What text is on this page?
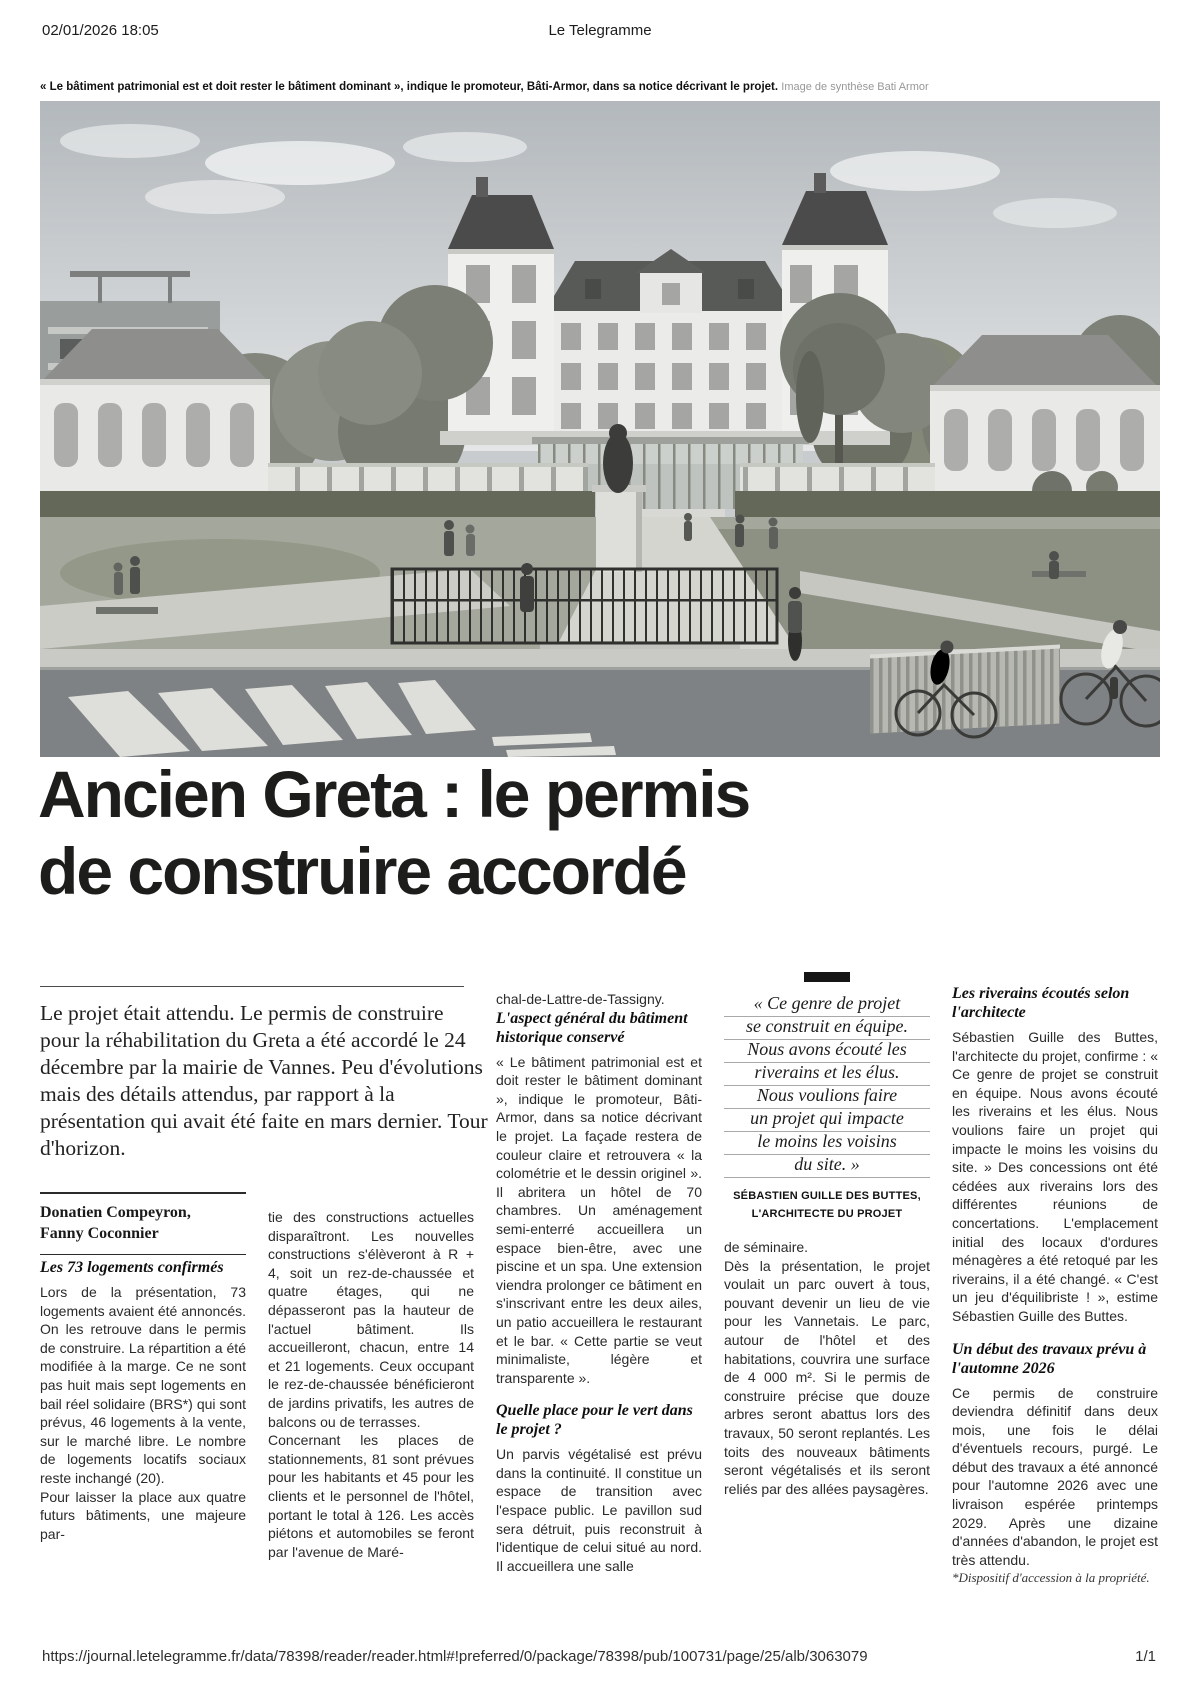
02/01/2026 18:05	Le Telegramme
« Le bâtiment patrimonial est et doit rester le bâtiment dominant », indique le promoteur, Bâti-Armor, dans sa notice décrivant le projet. Image de synthèse Bati Armor
Ancien Greta : le permis
de construire accordé
Le projet était attendu. Le permis de construire pour la réhabilitation du Greta a été accordé le 24 décembre par la mairie de Vannes. Peu d'évolutions mais des détails attendus, par rapport à la présentation qui avait été faite en mars dernier. Tour d'horizon.
Donatien Compeyron,
Fanny Coconnier
Les 73 logements confirmés

Lors de la présentation, 73 logements avaient été annoncés. On les retrouve dans le permis de construire. La répartition a été modifiée à la marge. Ce ne sont pas huit mais sept logements en bail réel solidaire (BRS*) qui sont prévus, 46 logements à la vente, sur le marché libre. Le nombre de logements locatifs sociaux reste inchangé (20).

Pour laisser la place aux quatre futurs bâtiments, une majeure par-

tie des constructions actuelles disparaîtront. Les nouvelles constructions s'élèveront à R + 4, soit un rez-de-chaussée et quatre étages, qui ne dépasseront pas la hauteur de l'actuel bâtiment. Ils accueilleront, chacun, entre 14 et 21 logements. Ceux occupant le rez-de-chaussée bénéficieront de jardins privatifs, les autres de balcons ou de terrasses.

Concernant les places de stationnements, 81 sont prévues pour les habitants et 45 pour les clients et le personnel de l'hôtel, portant le total à 126. Les accès piétons et automobiles se feront par l'avenue de Maré-

chal-de-Lattre-de-Tassigny.

L'aspect général du bâtiment historique conservé

« Le bâtiment patrimonial est et doit rester le bâtiment dominant », indique le promoteur, Bâti-Armor, dans sa notice décrivant le projet. La façade restera de couleur claire et retrouvera « la colométrie et le dessin originel ». Il abritera un hôtel de 70 chambres. Un aménagement semi-enterré accueillera un espace bien-être, avec une piscine et un spa. Une extension viendra prolonger ce bâtiment en s'inscrivant entre les deux ailes, un patio accueillera le restaurant et le bar. « Cette partie se veut minimaliste, légère et transparente ».

Quelle place pour le vert dans le projet ?

Un parvis végétalisé est prévu dans la continuité. Il constitue un espace de transition avec l'espace public. Le pavillon sud sera détruit, puis reconstruit à l'identique de celui situé au nord. Il accueillera une salle

« Ce genre de projet
se construit en équipe.
Nous avons écouté les
riverains et les élus.
Nous voulions faire
un projet qui impacte
le moins les voisins
du site. »
SÉBASTIEN GUILLE DES BUTTES,
L'ARCHITECTE DU PROJET

de séminaire.

Dès la présentation, le projet voulait un parc ouvert à tous, pouvant devenir un lieu de vie pour les Vannetais. Le parc, autour de l'hôtel et des habitations, couvrira une surface de 4 000 m². Si le permis de construire précise que douze arbres seront abattus lors des travaux, 50 seront replantés. Les toits des nouveaux bâtiments seront végétalisés et ils seront reliés par des allées paysagères.

Les riverains écoutés selon l'architecte

Sébastien Guille des Buttes, l'architecte du projet, confirme : « Ce genre de projet se construit en équipe. Nous avons écouté les riverains et les élus. Nous voulions faire un projet qui impacte le moins les voisins du site. » Des concessions ont été cédées aux riverains lors des différentes réunions de concertations. L'emplacement initial des locaux d'ordures ménagères a été retoqué par les riverains, il a été changé. « C'est un jeu d'équilibriste ! », estime Sébastien Guille des Buttes.

Un début des travaux prévu à l'automne 2026

Ce permis de construire deviendra définitif dans deux mois, une fois le délai d'éventuels recours, purgé. Le début des travaux a été annoncé pour l'automne 2026 avec une livraison espérée printemps 2029. Après une dizaine d'années d'abandon, le projet est très attendu.

*Dispositif d'accession à la propriété.

https://journal.letelegramme.fr/data/78398/reader/reader.html#!preferred/0/package/78398/pub/100731/page/25/alb/3063079	1/1
